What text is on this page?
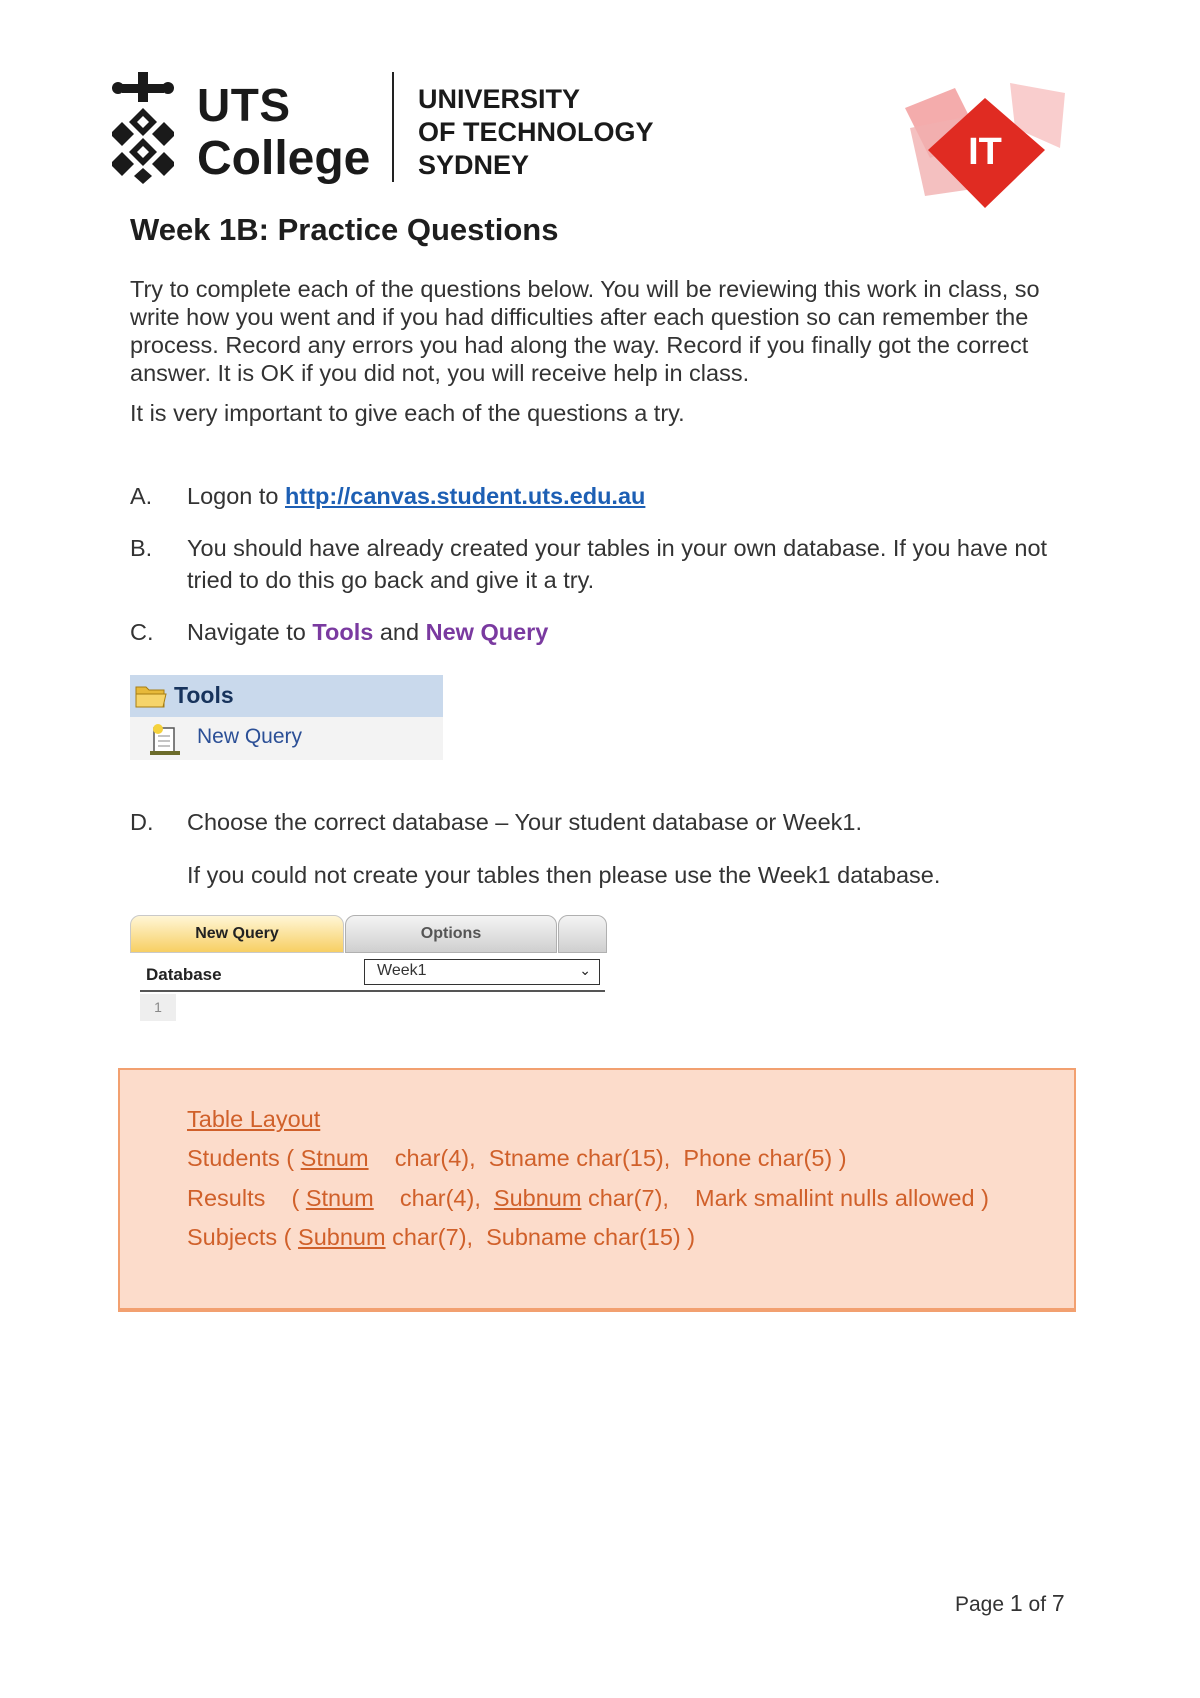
UTS
College
UNIVERSITY
OF TECHNOLOGY
SYDNEY	IT
Week 1B: Practice Questions
Try to complete each of the questions below. You will be reviewing this work in class, so write how you went and if you had difficulties after each question so can remember the process. Record any errors you had along the way. Record if you finally got the correct answer. It is OK if you did not, you will receive help in class.
It is very important to give each of the questions a try.
A. Logon to http://canvas.student.uts.edu.au
B. You should have already created your tables in your own database. If you have not tried to do this go back and give it a try.
C. Navigate to Tools and New Query
Tools
New Query
D. Choose the correct database – Your student database or Week1.
If you could not create your tables then please use the Week1 database.
New Query	Options
Database	Week1	⌄
1
Table Layout
Students ( Stnum    char(4),  Stname char(15),  Phone char(5) )
Results    ( Stnum    char(4),  Subnum char(7),    Mark smallint nulls allowed )
Subjects ( Subnum char(7),  Subname char(15) )
Page 1 of 7
